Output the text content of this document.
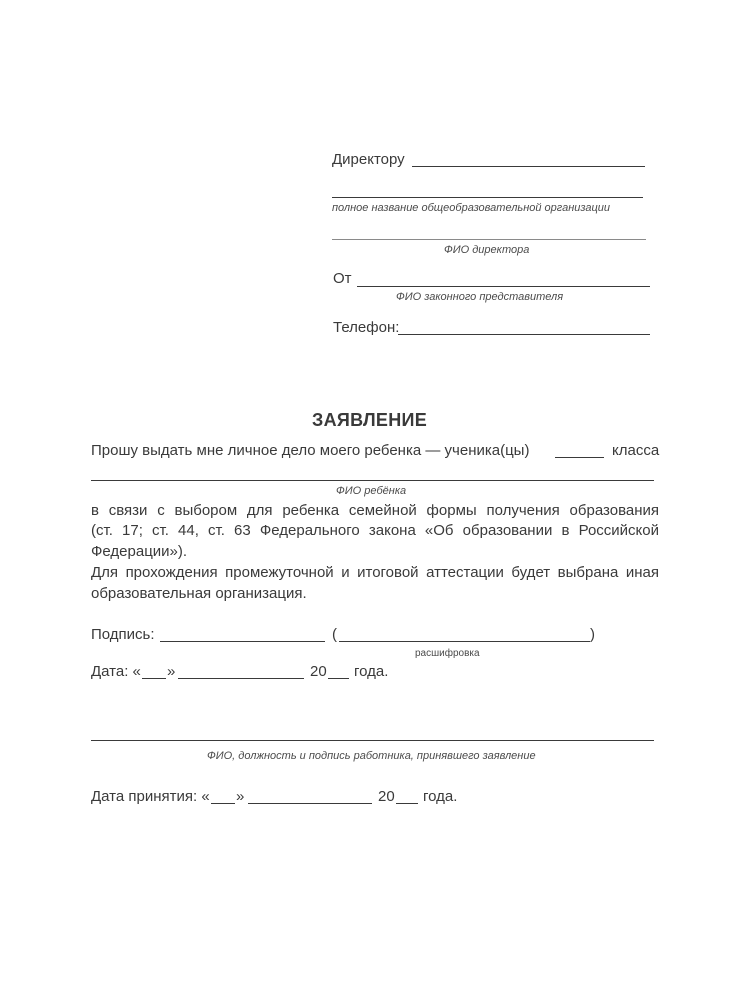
Директору
полное название общеобразовательной организации
ФИО директора
От
ФИО законного представителя
Телефон:
ЗАЯВЛЕНИЕ
Прошу выдать мне личное дело моего ребенка — ученика(цы)	класса
ФИО ребёнка
в связи с выбором для ребенка семейной формы получения образования
(ст. 17; ст. 44, ст. 63 Федерального закона «Об образовании в Российской
Федерации»).
Для прохождения промежуточной и итоговой аттестации будет выбрана иная
образовательная организация.
Подпись:	(	)
расшифровка
Дата: « »	20 года.
ФИО, должность и подпись работника, принявшего заявление
Дата принятия: « »	20 года.
